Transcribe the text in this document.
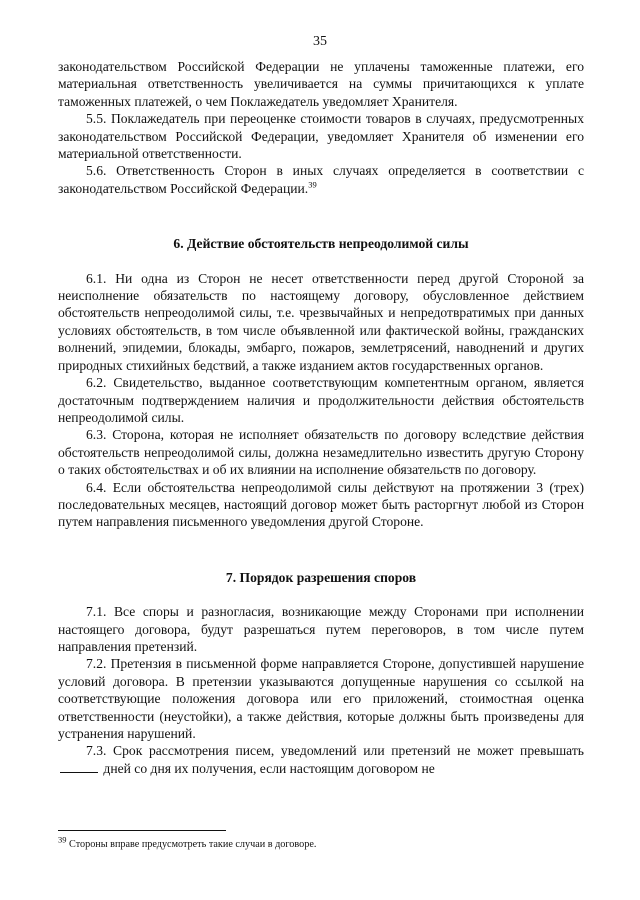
35

законодательством Российской Федерации не уплачены таможенные платежи, его материальная ответственность увеличивается на суммы причитающихся к уплате таможенных платежей, о чем Поклажедатель уведомляет Хранителя.

5.5. Поклажедатель при переоценке стоимости товаров в случаях, предусмотренных законодательством Российской Федерации, уведомляет Хранителя об изменении его материальной ответственности.

5.6. Ответственность Сторон в иных случаях определяется в соответствии с законодательством Российской Федерации.$^{39}$

6. Действие обстоятельств непреодолимой силы

6.1. Ни одна из Сторон не несет ответственности перед другой Стороной за неисполнение обязательств по настоящему договору, обусловленное действием обстоятельств непреодолимой силы, т.е. чрезвычайных и непредотвратимых при данных условиях обстоятельств, в том числе объявленной или фактической войны, гражданских волнений, эпидемии, блокады, эмбарго, пожаров, землетрясений, наводнений и других природных стихийных бедствий, а также изданием актов государственных органов.

6.2. Свидетельство, выданное соответствующим компетентным органом, является достаточным подтверждением наличия и продолжительности действия обстоятельств непреодолимой силы.

6.3. Сторона, которая не исполняет обязательств по договору вследствие действия обстоятельств непреодолимой силы, должна незамедлительно известить другую Сторону о таких обстоятельствах и об их влиянии на исполнение обязательств по договору.

6.4. Если обстоятельства непреодолимой силы действуют на протяжении 3 (трех) последовательных месяцев, настоящий договор может быть расторгнут любой из Сторон путем направления письменного уведомления другой Стороне.

7. Порядок разрешения споров

7.1. Все споры и разногласия, возникающие между Сторонами при исполнении настоящего договора, будут разрешаться путем переговоров, в том числе путем направления претензий.

7.2. Претензия в письменной форме направляется Стороне, допустившей нарушение условий договора. В претензии указываются допущенные нарушения со ссылкой на соответствующие положения договора или его приложений, стоимостная оценка ответственности (неустойки), а также действия, которые должны быть произведены для устранения нарушений.

7.3. Срок рассмотрения писем, уведомлений или претензий не может превышать  дней со дня их получения, если настоящим договором не

$^{39}$ Стороны вправе предусмотреть такие случаи в договоре.
